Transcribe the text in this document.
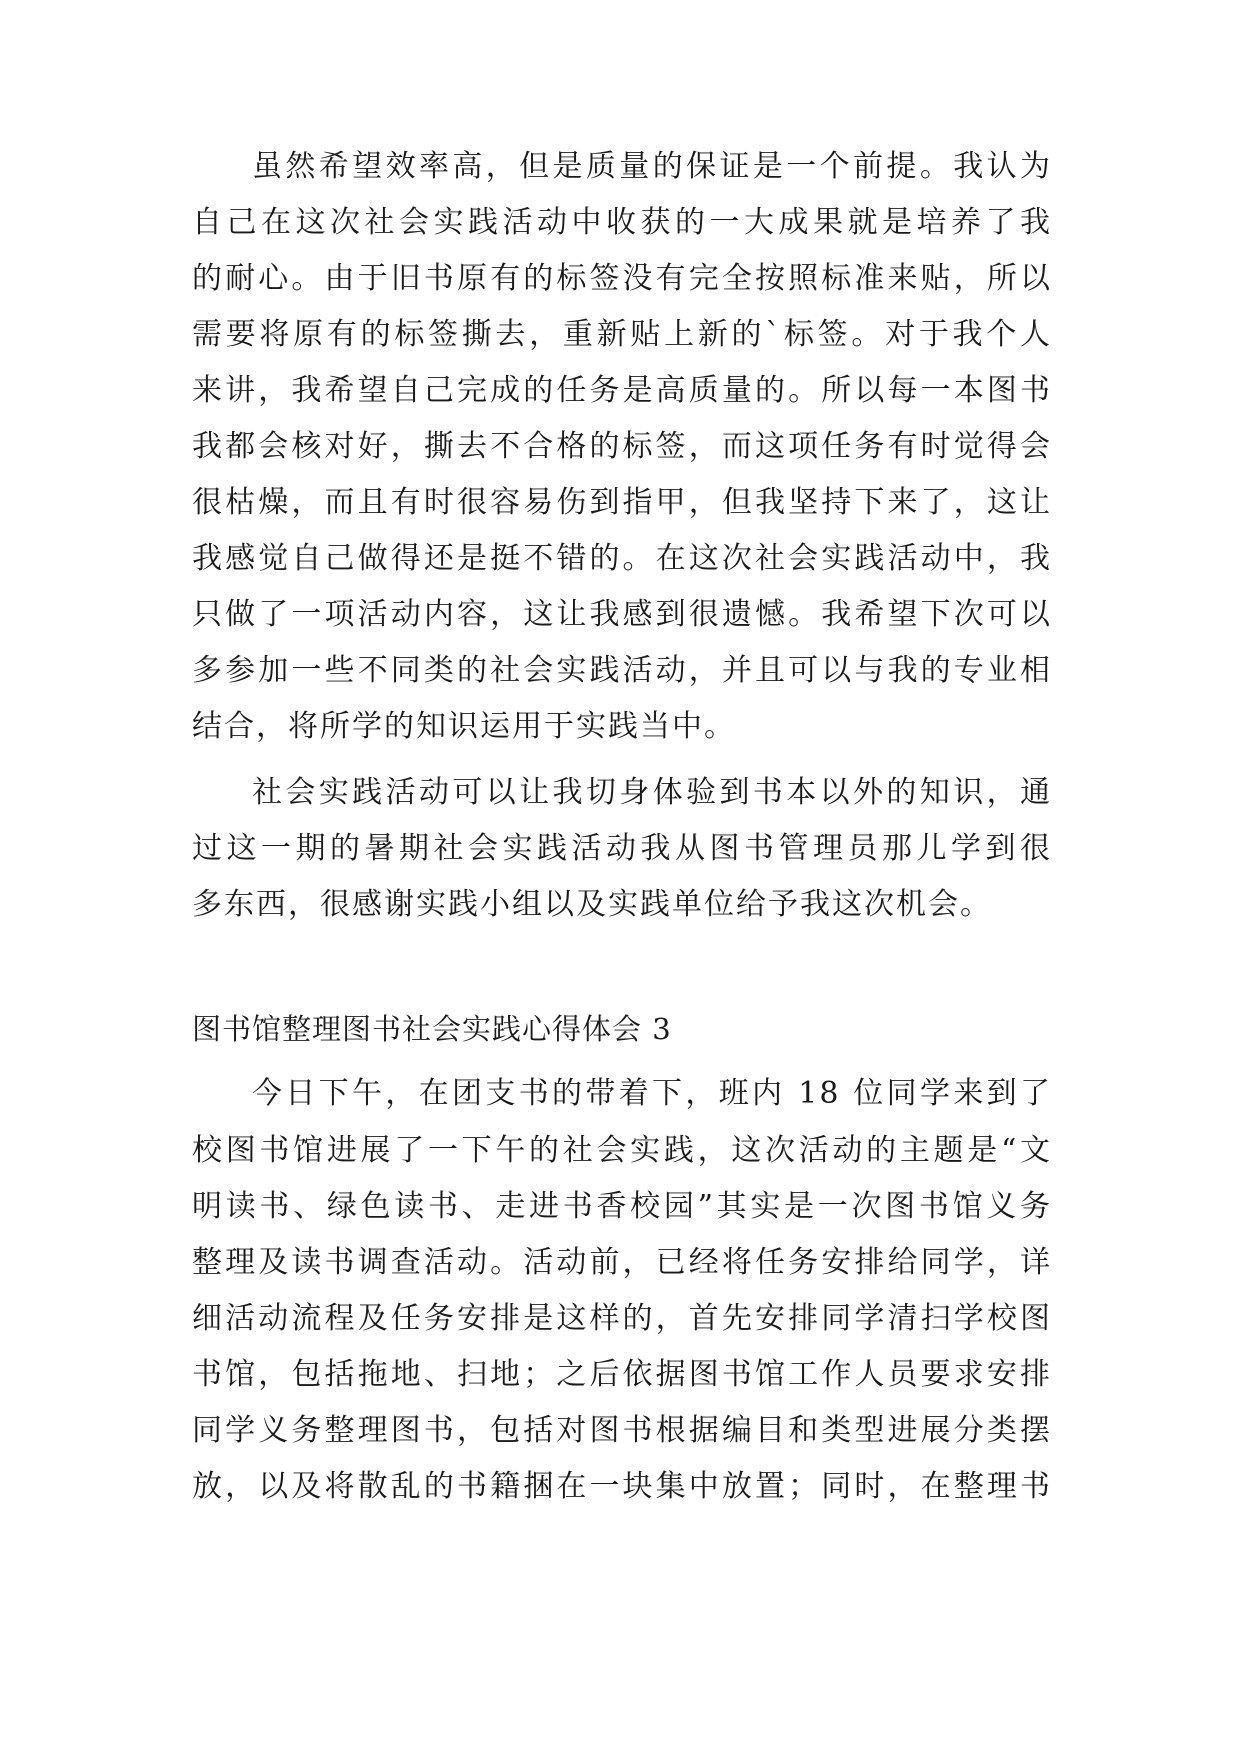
虽然希望效率高，但是质量的保证是一个前提。我认为
自己在这次社会实践活动中收获的一大成果就是培养了我
的耐心。由于旧书原有的标签没有完全按照标准来贴，所以
需要将原有的标签撕去，重新贴上新的`标签。对于我个人
来讲，我希望自己完成的任务是高质量的。所以每一本图书
我都会核对好，撕去不合格的标签，而这项任务有时觉得会
很枯燥，而且有时很容易伤到指甲，但我坚持下来了，这让
我感觉自己做得还是挺不错的。在这次社会实践活动中，我
只做了一项活动内容，这让我感到很遗憾。我希望下次可以
多参加一些不同类的社会实践活动，并且可以与我的专业相
结合，将所学的知识运用于实践当中。
社会实践活动可以让我切身体验到书本以外的知识，通
过这一期的暑期社会实践活动我从图书管理员那儿学到很
多东西，很感谢实践小组以及实践单位给予我这次机会。
图书馆整理图书社会实践心得体会 3
今日下午，在团支书的带着下，班内 18 位同学来到了
校图书馆进展了一下午的社会实践，这次活动的主题是“文
明读书、绿色读书、走进书香校园”其实是一次图书馆义务
整理及读书调查活动。活动前，已经将任务安排给同学，详
细活动流程及任务安排是这样的，首先安排同学清扫学校图
书馆，包括拖地、扫地；之后依据图书馆工作人员要求安排
同学义务整理图书，包括对图书根据编目和类型进展分类摆
放，以及将散乱的书籍捆在一块集中放置；同时，在整理书
